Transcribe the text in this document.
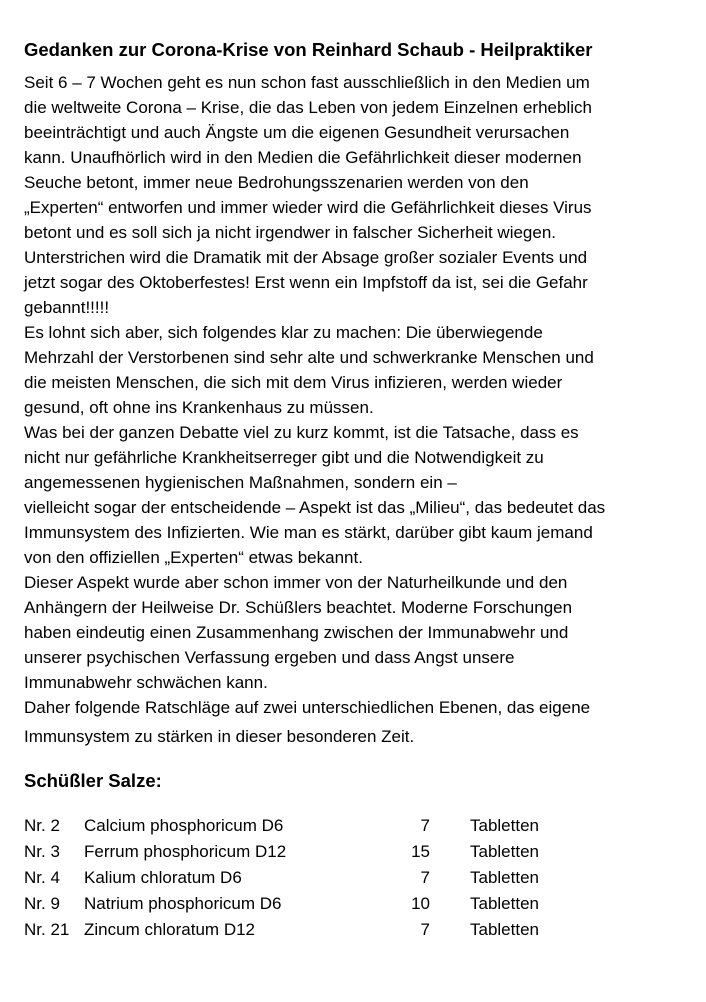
Gedanken zur Corona-Krise von Reinhard Schaub - Heilpraktiker
Seit 6 – 7 Wochen geht es nun schon fast ausschließlich in den Medien um
die weltweite Corona – Krise, die das Leben von jedem Einzelnen erheblich
beeinträchtigt und auch Ängste um die eigenen Gesundheit verursachen
kann. Unaufhörlich wird in den Medien die Gefährlichkeit dieser modernen
Seuche betont, immer neue Bedrohungsszenarien werden von den
„Experten“ entworfen und immer wieder wird die Gefährlichkeit dieses Virus
betont und es soll sich ja nicht irgendwer in falscher Sicherheit wiegen.
Unterstrichen wird die Dramatik mit der Absage großer sozialer Events und
jetzt sogar des Oktoberfestes! Erst wenn ein Impfstoff da ist, sei die Gefahr
gebannt!!!!!
Es lohnt sich aber, sich folgendes klar zu machen: Die überwiegende
Mehrzahl der Verstorbenen sind sehr alte und schwerkranke Menschen und
die meisten Menschen, die sich mit dem Virus infizieren, werden wieder
gesund, oft ohne ins Krankenhaus zu müssen.
Was bei der ganzen Debatte viel zu kurz kommt, ist die Tatsache, dass es
nicht nur gefährliche Krankheitserreger gibt und die Notwendigkeit zu
angemessenen hygienischen Maßnahmen, sondern ein –
vielleicht sogar der entscheidende – Aspekt ist das „Milieu“, das bedeutet das
Immunsystem des Infizierten. Wie man es stärkt, darüber gibt kaum jemand
von den offiziellen „Experten“ etwas bekannt.
Dieser Aspekt wurde aber schon immer von der Naturheilkunde und den
Anhängern der Heilweise Dr. Schüßlers beachtet. Moderne Forschungen
haben eindeutig einen Zusammenhang zwischen der Immunabwehr und
unserer psychischen Verfassung ergeben und dass Angst unsere
Immunabwehr schwächen kann.
Daher folgende Ratschläge auf zwei unterschiedlichen Ebenen, das eigene
Immunsystem zu stärken in dieser besonderen Zeit.
Schüßler Salze:
Nr. 2	Calcium phosphoricum D6	7		Tabletten
Nr. 3	Ferrum phosphoricum D12	15		Tabletten
Nr. 4	Kalium chloratum D6	7		Tabletten
Nr. 9	Natrium phosphoricum D6	10		Tabletten
Nr. 21	Zincum chloratum D12	7		Tabletten
